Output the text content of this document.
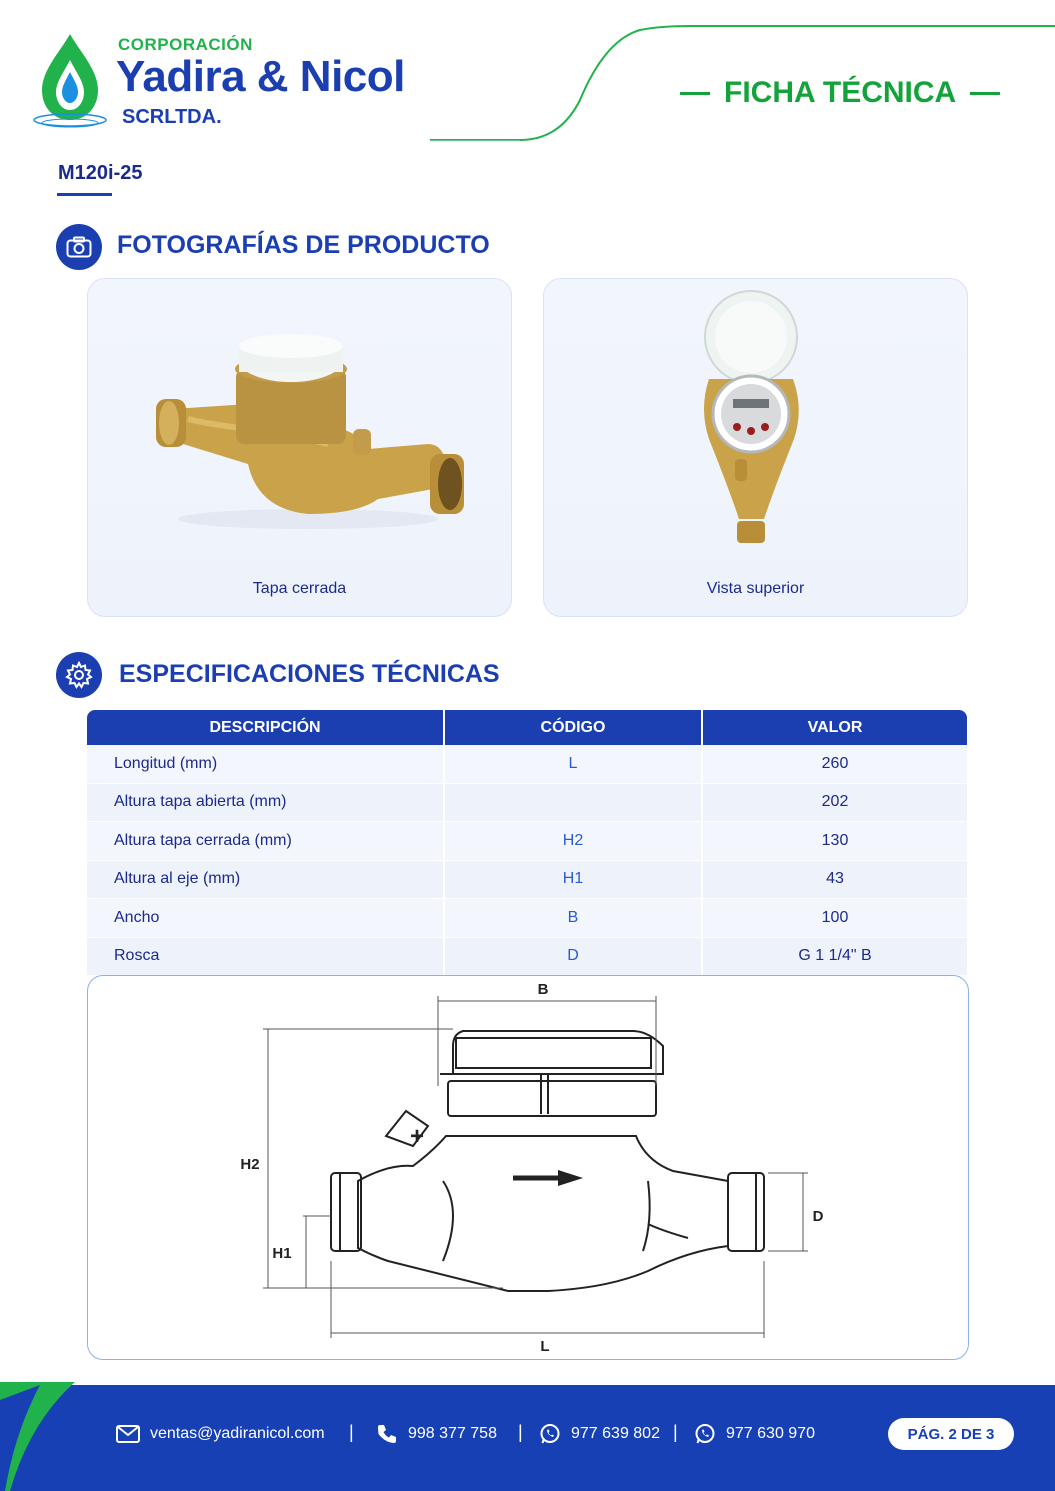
CORPORACIÓN
Yadira & Nicol
SCRLTDA.
FICHA TÉCNICA
M120i-25
FOTOGRAFÍAS DE PRODUCTO
Tapa cerrada	Vista superior
ESPECIFICACIONES TÉCNICAS
DESCRIPCIÓN	CÓDIGO	VALOR
Longitud (mm)	L	260
Altura tapa abierta (mm)		202
Altura tapa cerrada (mm)	H2	130
Altura al eje (mm)	H1	43
Ancho	B	100
Rosca	D	G 1 1/4" B
+
B
H2
H1
D
L
ventas@yadiranicol.com |	998 377 758 |	977 639 802 |	977 630 970	PÁG. 2 DE 3
